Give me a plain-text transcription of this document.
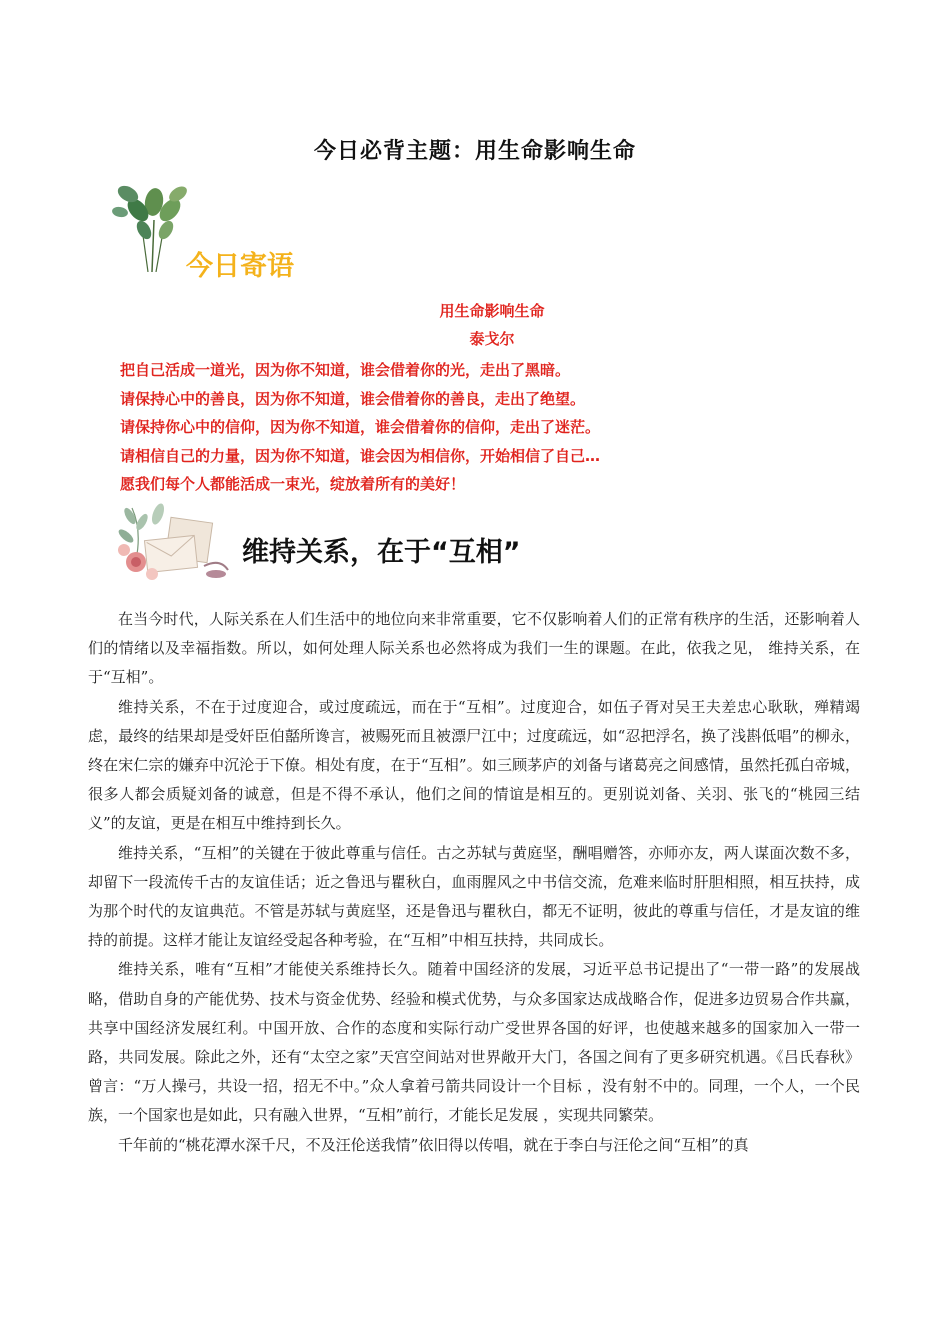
今日必背主题：用生命影响生命
今日寄语
用生命影响生命
泰戈尔
把自己活成一道光，因为你不知道，谁会借着你的光，走出了黑暗。
请保持心中的善良，因为你不知道，谁会借着你的善良，走出了绝望。
请保持你心中的信仰，因为你不知道，谁会借着你的信仰，走出了迷茫。
请相信自己的力量，因为你不知道，谁会因为相信你，开始相信了自己…
愿我们每个人都能活成一束光，绽放着所有的美好！
维持关系，在于“互相”

在当今时代，人际关系在人们生活中的地位向来非常重要，它不仅影响着人们的正常有秩序的生活，还影响着人们的情绪以及幸福指数。所以，如何处理人际关系也必然将成为我们一生的课题。在此，依我之见， 维持关系，在于“互相”。

维持关系，不在于过度迎合，或过度疏远，而在于“互相”。过度迎合，如伍子胥对吴王夫差忠心耿耿，殚精竭虑，最终的结果却是受奸臣伯嚭所谗言，被赐死而且被漂尸江中；过度疏远，如“忍把浮名，换了浅斟低唱”的柳永，终在宋仁宗的嫌弃中沉沦于下僚。相处有度，在于“互相”。如三顾茅庐的刘备与诸葛亮之间感情，虽然托孤白帝城，很多人都会质疑刘备的诚意，但是不得不承认，他们之间的情谊是相互的。更别说刘备、关羽、张飞的“桃园三结义”的友谊，更是在相互中维持到长久。

维持关系，“互相”的关键在于彼此尊重与信任。古之苏轼与黄庭坚，酬唱赠答，亦师亦友，两人谋面次数不多，却留下一段流传千古的友谊佳话；近之鲁迅与瞿秋白，血雨腥风之中书信交流，危难来临时肝胆相照，相互扶持，成为那个时代的友谊典范。不管是苏轼与黄庭坚，还是鲁迅与瞿秋白，都无不证明，彼此的尊重与信任，才是友谊的维持的前提。这样才能让友谊经受起各种考验，在“互相”中相互扶持，共同成长。

维持关系，唯有“互相”才能使关系维持长久。随着中国经济的发展，习近平总书记提出了“一带一路”的发展战略，借助自身的产能优势、技术与资金优势、经验和模式优势，与众多国家达成战略合作，促进多边贸易合作共赢，共享中国经济发展红利。中国开放、合作的态度和实际行动广受世界各国的好评，也使越来越多的国家加入一带一路，共同发展。除此之外，还有“太空之家”天宫空间站对世界敞开大门，各国之间有了更多研究机遇。《吕氏春秋》曾言：“万人操弓，共设一招，招无不中。”众人拿着弓箭共同设计一个目标 ，没有射不中的。同理，一个人，一个民族，一个国家也是如此，只有融入世界，“互相”前行，才能长足发展 ，实现共同繁荣。

千年前的“桃花潭水深千尺，不及汪伦送我情”依旧得以传唱，就在于李白与汪伦之间“互相”的真
